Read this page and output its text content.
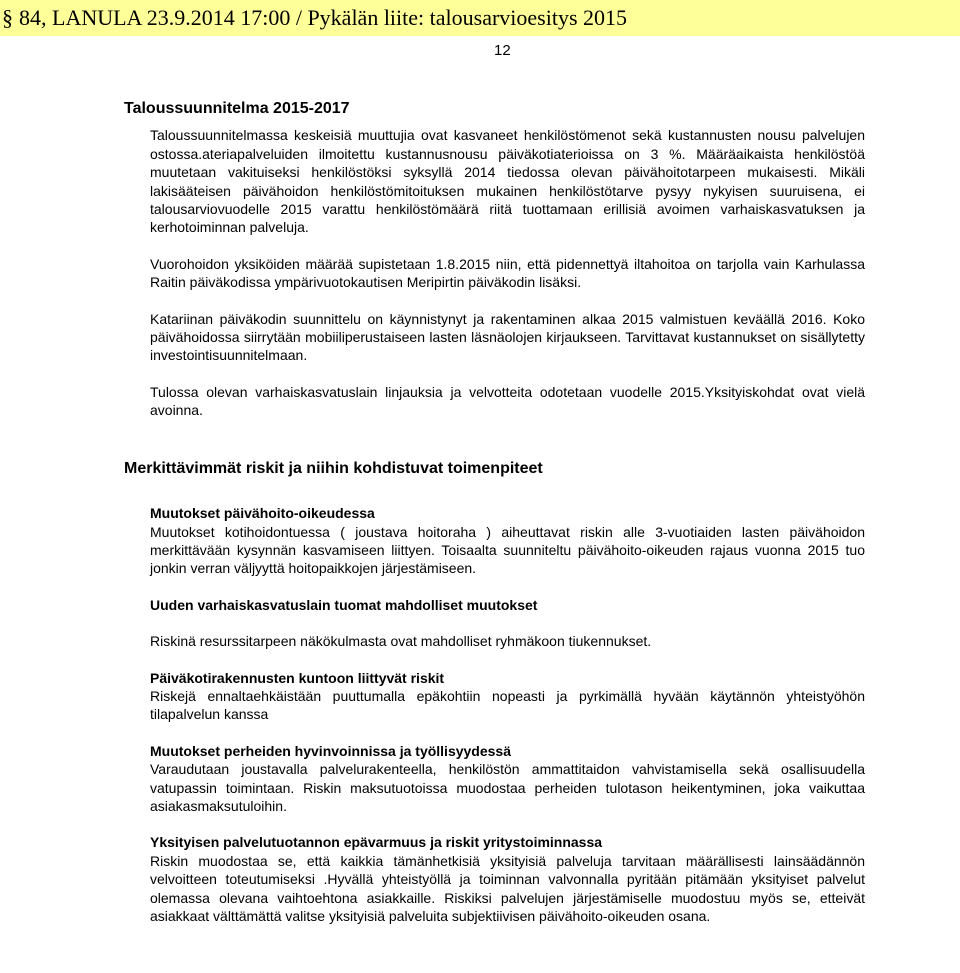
§ 84, LANULA 23.9.2014 17:00 / Pykälän liite: talousarvioesitys 2015
12
Taloussuunnitelma 2015-2017

Taloussuunnitelmassa keskeisiä muuttujia ovat kasvaneet henkilöstömenot sekä kustannusten nousu palvelujen ostossa.ateriapalveluiden ilmoitettu kustannusnousu päiväkotiaterioissa on 3 %. Määräaikaista henkilöstöä muutetaan vakituiseksi henkilöstöksi syksyllä 2014 tiedossa olevan päivähoitotarpeen mukaisesti. Mikäli lakisääteisen päivähoidon henkilöstömitoituksen mukainen henkilöstötarve pysyy nykyisen suuruisena, ei talousarviovuodelle 2015 varattu henkilöstömäärä riitä tuottamaan erillisiä avoimen varhaiskasvatuksen ja kerhotoiminnan palveluja.

Vuorohoidon yksiköiden määrää supistetaan 1.8.2015 niin, että pidennettyä iltahoitoa on tarjolla vain Karhulassa Raitin päiväkodissa ympärivuotokautisen Meripirtin päiväkodin lisäksi.

Katariinan päiväkodin suunnittelu on käynnistynyt ja rakentaminen alkaa 2015 valmistuen keväällä 2016. Koko päivähoidossa siirrytään mobiiliperustaiseen lasten läsnäolojen kirjaukseen. Tarvittavat kustannukset on sisällytetty investointisuunnitelmaan.

Tulossa olevan varhaiskasvatuslain linjauksia ja velvotteita odotetaan vuodelle 2015.Yksityiskohdat ovat vielä avoinna.

Merkittävimmät riskit ja niihin kohdistuvat toimenpiteet

Muutokset päivähoito-oikeudessa

Muutokset kotihoidontuessa ( joustava hoitoraha ) aiheuttavat riskin alle 3-vuotiaiden lasten päivähoidon merkittävään kysynnän kasvamiseen liittyen. Toisaalta suunniteltu päivähoito-oikeuden rajaus vuonna 2015 tuo jonkin verran väljyyttä hoitopaikkojen järjestämiseen.

Uuden varhaiskasvatuslain tuomat mahdolliset muutokset

Riskinä resurssitarpeen näkökulmasta ovat mahdolliset ryhmäkoon tiukennukset.

Päiväkotirakennusten kuntoon liittyvät riskit

Riskejä ennaltaehkäistään puuttumalla epäkohtiin nopeasti ja pyrkimällä hyvään käytännön yhteistyöhön tilapalvelun kanssa

Muutokset perheiden hyvinvoinnissa ja työllisyydessä

Varaudutaan joustavalla palvelurakenteella, henkilöstön ammattitaidon vahvistamisella sekä osallisuudella vatupassin toimintaan. Riskin maksutuotoissa muodostaa perheiden tulotason heikentyminen, joka vaikuttaa asiakasmaksutuloihin.

Yksityisen palvelutuotannon epävarmuus ja riskit yritystoiminnassa

Riskin muodostaa se, että kaikkia tämänhetkisiä yksityisiä palveluja tarvitaan määrällisesti lainsäädännön velvoitteen toteutumiseksi .Hyvällä yhteistyöllä ja toiminnan valvonnalla pyritään pitämään yksityiset palvelut olemassa olevana vaihtoehtona asiakkaille. Riskiksi palvelujen järjestämiselle muodostuu myös se, etteivät asiakkaat välttämättä valitse yksityisiä palveluita subjektiivisen päivähoito-oikeuden osana.
